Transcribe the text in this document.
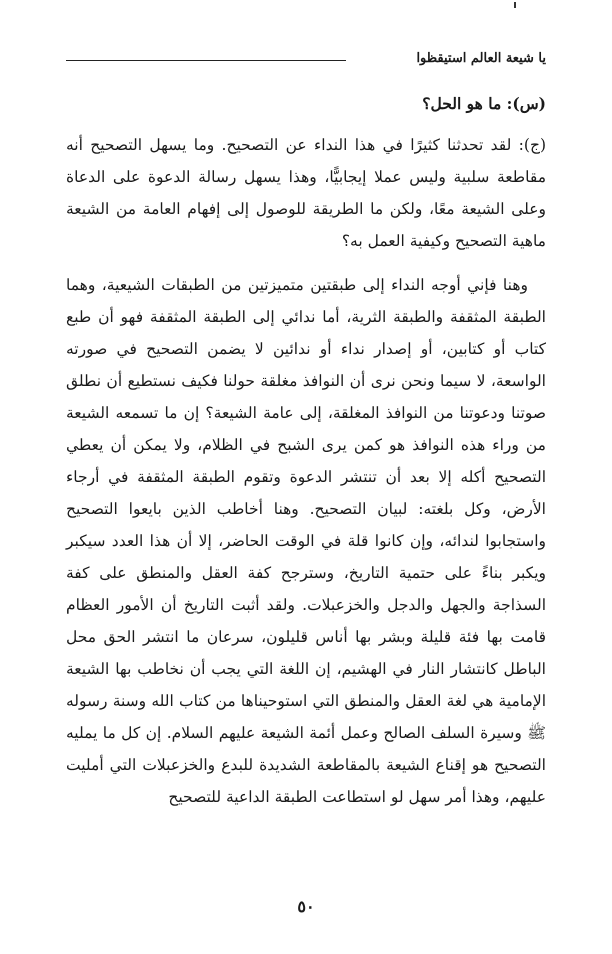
يا شيعة العالم استيقظوا

(س): ما هو الحل؟

(ج): لقد تحدثنا كثيرًا في هذا النداء عن التصحيح. وما يسهل التصحيح أنه مقاطعة سلبية وليس عملا إيجابيًّا، وهذا يسهل رسالة الدعوة على الدعاة وعلى الشيعة معًا، ولكن ما الطريقة للوصول إلى إفهام العامة من الشيعة ماهية التصحيح وكيفية العمل به؟

وهنا فإني أوجه النداء إلى طبقتين متميزتين من الطبقات الشيعية، وهما الطبقة المثقفة والطبقة الثرية، أما ندائي إلى الطبقة المثقفة فهو أن طبع كتاب أو كتابين، أو إصدار نداء أو ندائين لا يضمن التصحيح في صورته الواسعة، لا سيما ونحن نرى أن النوافذ مغلقة حولنا فكيف نستطيع أن نطلق صوتنا ودعوتنا من النوافذ المغلقة، إلى عامة الشيعة؟ إن ما تسمعه الشيعة من وراء هذه النوافذ هو كمن يرى الشبح في الظلام، ولا يمكن أن يعطي التصحيح أكله إلا بعد أن تنتشر الدعوة وتقوم الطبقة المثقفة في أرجاء الأرض، وكل بلغته: لبيان التصحيح. وهنا أخاطب الذين بايعوا التصحيح واستجابوا لندائه، وإن كانوا قلة في الوقت الحاضر، إلا أن هذا العدد سيكبر ويكبر بناءً على حتمية التاريخ، وسترجح كفة العقل والمنطق على كفة السذاجة والجهل والدجل والخزعبلات. ولقد أثبت التاريخ أن الأمور العظام قامت بها فئة قليلة وبشر بها أناس قليلون، سرعان ما انتشر الحق محل الباطل كانتشار النار في الهشيم، إن اللغة التي يجب أن نخاطب بها الشيعة الإمامية هي لغة العقل والمنطق التي استوحيناها من كتاب الله وسنة رسوله ﷺ وسيرة السلف الصالح وعمل أئمة الشيعة عليهم السلام. إن كل ما يمليه التصحيح هو إقناع الشيعة بالمقاطعة الشديدة للبدع والخزعبلات التي أمليت عليهم، وهذا أمر سهل لو استطاعت الطبقة الداعية للتصحيح

٥٠
